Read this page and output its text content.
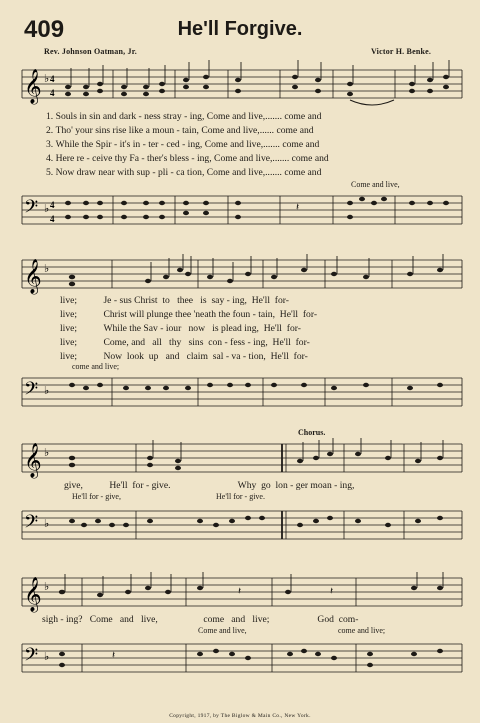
409	He'll Forgive.
Rev. Johnson Oatman, Jr.	Victor H. Benke.
𝄞 ♭ 4
4
1. Souls in sin and dark - ness stray - ing, Come and live,....... come and
2. Tho' your sins rise like a moun - tain, Come and live,...... come and
3. While the Spir - it's in - ter - ced - ing, Come and live,....... come and
4. Here re - ceive thy Fa - ther's bless - ing, Come and live,....... come and
5. Now draw near with sup - pli - ca tion, Come and live,....... come and
Come and live,
𝄢 ♭ 4
4
𝄽
𝄞 ♭
live;	Je - sus Christ to thee is say - ing, He'll for-
live;	Christ will plunge thee 'neath the foun - tain, He'll for-
live;	While the Sav - iour now is plead ing, He'll for-
live;	Come, and all thy sins con - fess - ing, He'll for-
live;	Now look up and claim sal - va - tion, He'll for-
come and live;
𝄢 ♭
Chorus.
𝄞 ♭
give,	He'll for - give.	Why go lon - ger moan - ing,
He'll for - give,	He'll for - give.
𝄢 ♭
𝄞 ♭	𝄽	𝄽
sigh - ing? Come and live,	come and live;	God com-
Come and live,	come and live;
𝄢 ♭	𝄽
Copyright, 1917, by The Biglow & Main Co., New York.
